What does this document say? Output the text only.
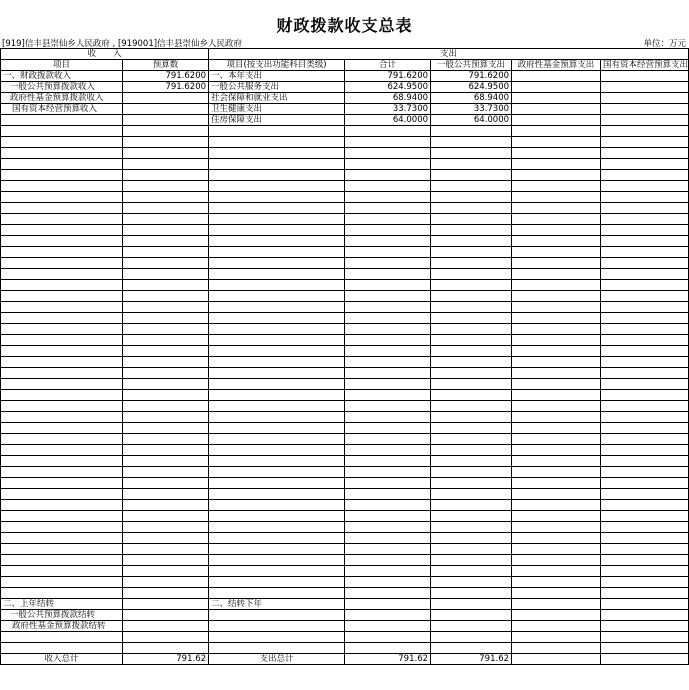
财政拨款收支总表
[919]信丰县崇仙乡人民政府 , [919001]信丰县崇仙乡人民政府	单位：万元
收　　入		支出				
项目	预算数	项目(按支出功能科目类级)	合计	一般公共预算支出	政府性基金预算支出	国有资本经营预算支出
一、财政拨款收入	791.6200	一、本年支出	791.6200	791.6200		
一般公共预算拨款收入	791.6200	一般公共服务支出	624.9500	624.9500		
政府性基金预算拨款收入		社会保障和就业支出	68.9400	68.9400		
国有资本经营预算收入		卫生健康支出	33.7300	33.7300		
		住房保障支出	64.0000	64.0000		

二、上年结转		二、结转下年				
一般公共预算拨款结转						
政府性基金预算拨款结转						

收入总计	791.62	支出总计	791.62	791.62		
